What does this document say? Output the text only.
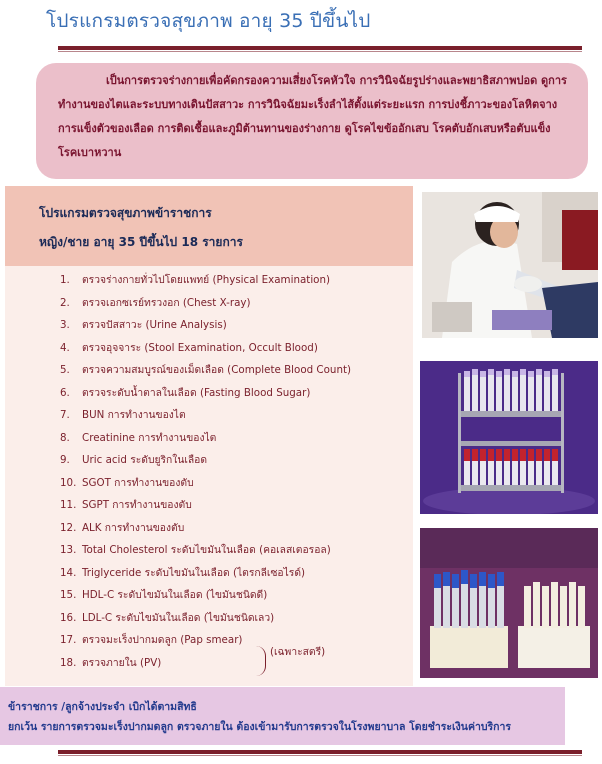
โปรแกรมตรวจสุขภาพ อายุ 35 ปีขึ้นไป

เป็นการตรวจร่างกายเพื่อคัดกรองความเสี่ยงโรคหัวใจ การวินิจฉัยรูปร่างและพยาธิสภาพปอด ดูการทำงานของไตและระบบทางเดินปัสสาวะ การวินิจฉัยมะเร็งลำไส้ตั้งแต่ระยะแรก การบ่งชี้ภาวะของโลหิตจาง การแข็งตัวของเลือด การติดเชื้อและภูมิต้านทานของร่างกาย ดูโรคไขข้ออักเสบ โรคตับอักเสบหรือตับแข็ง โรคเบาหวาน

โปรแกรมตรวจสุขภาพข้าราชการ
หญิง/ชาย อายุ 35 ปีขึ้นไป 18 รายการ
1. ตรวจร่างกายทั่วไปโดยแพทย์ (Physical Examination)
2. ตรวจเอกซเรย์ทรวงอก (Chest X-ray)
3. ตรวจปัสสาวะ (Urine Analysis)
4. ตรวจอุจจาระ (Stool Examination, Occult Blood)
5. ตรวจความสมบูรณ์ของเม็ดเลือด (Complete Blood Count)
6. ตรวจระดับน้ำตาลในเลือด (Fasting Blood Sugar)
7. BUN การทำงานของไต
8. Creatinine การทำงานของไต
9. Uric acid ระดับยูริกในเลือด
10. SGOT การทำงานของตับ
11. SGPT การทำงานของตับ
12. ALK การทำงานของตับ
13. Total Cholesterol ระดับไขมันในเลือด (คอเลสเตอรอล)
14. Triglyceride ระดับไขมันในเลือด (ไตรกลีเซอไรด์)
15. HDL-C ระดับไขมันในเลือด (ไขมันชนิดดี)
16. LDL-C ระดับไขมันในเลือด (ไขมันชนิดเลว)
17. ตรวจมะเร็งปากมดลูก (Pap smear)
18. ตรวจภายใน (PV)
(เฉพาะสตรี)
ข้าราชการ /ลูกจ้างประจำ เบิกได้ตามสิทธิ
ยกเว้น รายการตรวจมะเร็งปากมดลูก ตรวจภายใน ต้องเข้ามารับการตรวจในโรงพยาบาล โดยชำระเงินค่าบริการ
